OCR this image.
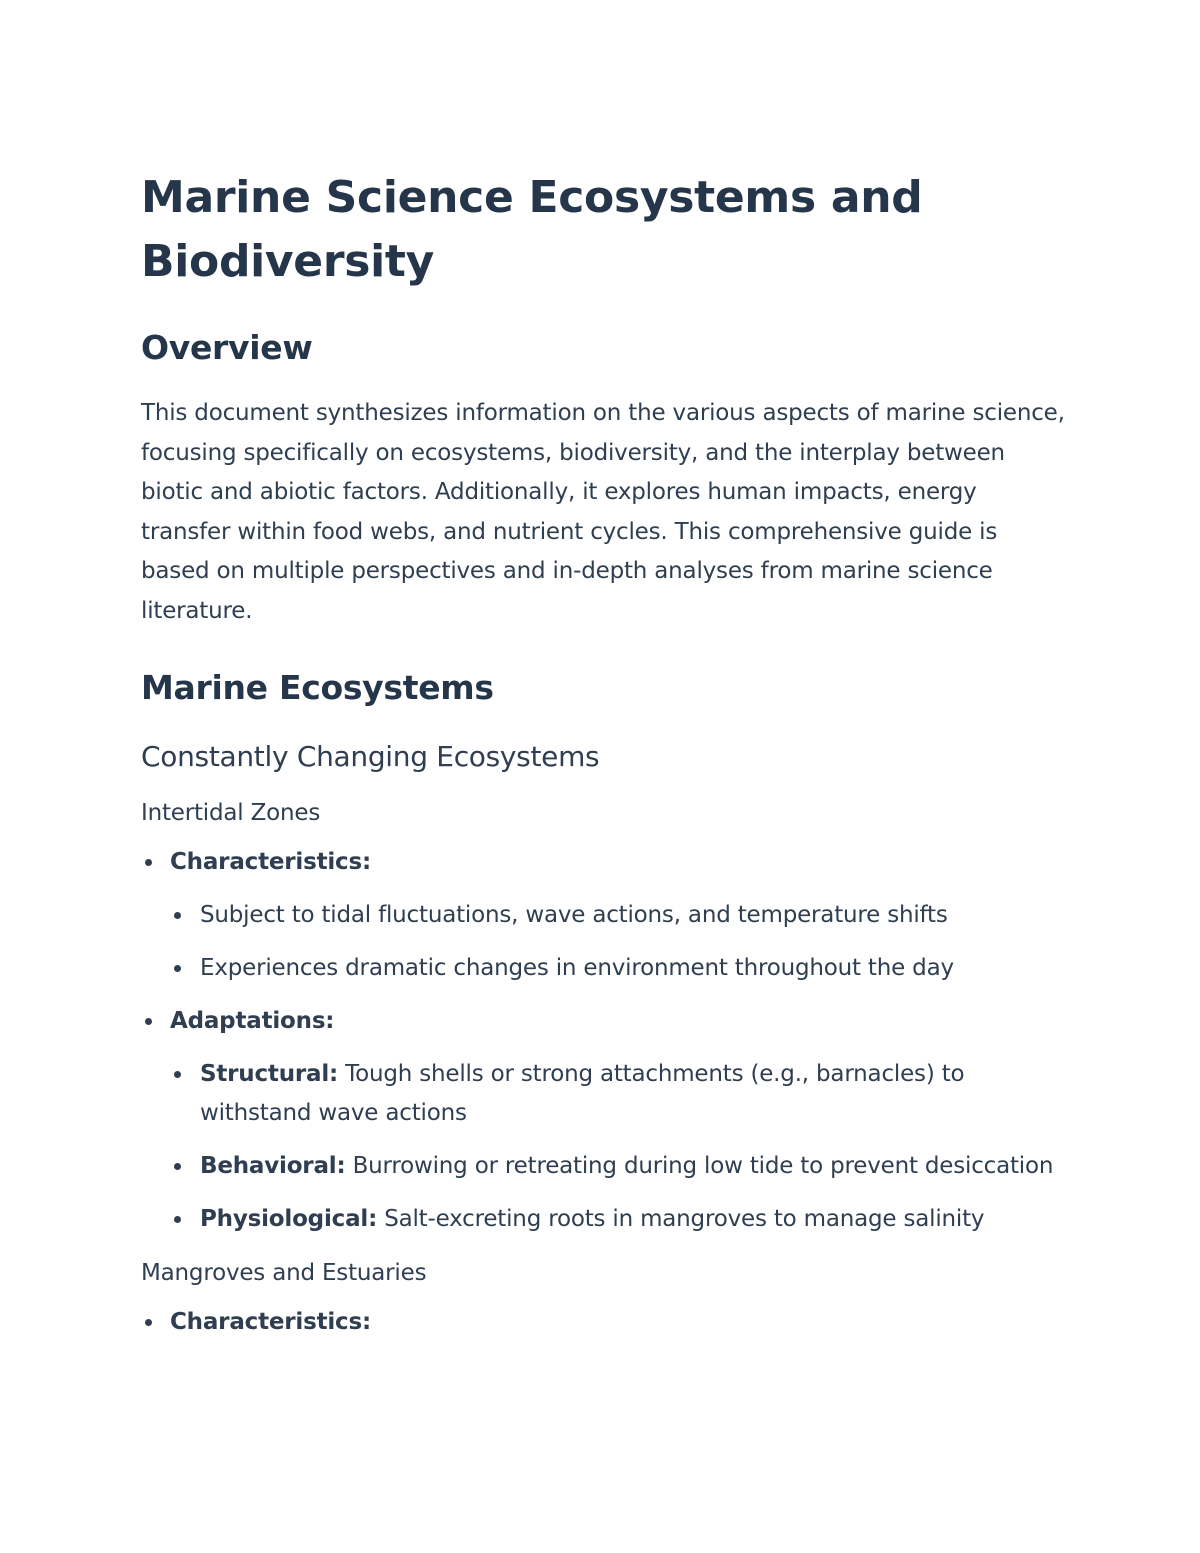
Marine Science Ecosystems and Biodiversity
Overview

This document synthesizes information on the various aspects of marine science, focusing specifically on ecosystems, biodiversity, and the interplay between biotic and abiotic factors. Additionally, it explores human impacts, energy transfer within food webs, and nutrient cycles. This comprehensive guide is based on multiple perspectives and in-depth analyses from marine science literature.

Marine Ecosystems
Constantly Changing Ecosystems
Intertidal Zones
Characteristics:
Subject to tidal fluctuations, wave actions, and temperature shifts
Experiences dramatic changes in environment throughout the day
Adaptations:
Structural: Tough shells or strong attachments (e.g., barnacles) to withstand wave actions
Behavioral: Burrowing or retreating during low tide to prevent desiccation
Physiological: Salt-excreting roots in mangroves to manage salinity
Mangroves and Estuaries
Characteristics:
